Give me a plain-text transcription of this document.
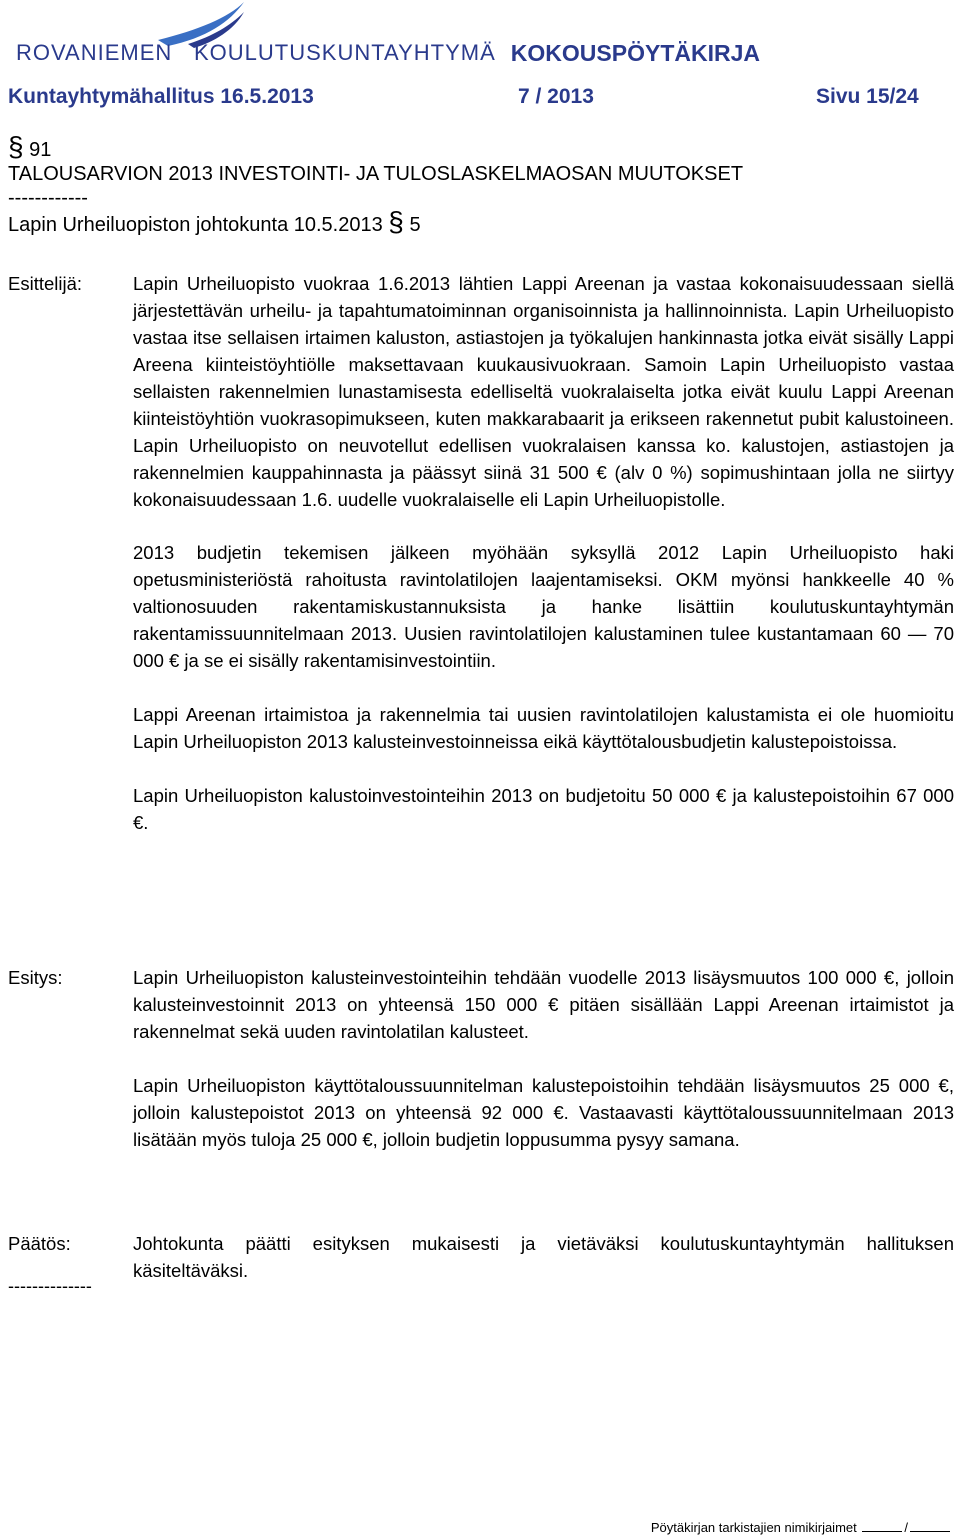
ROVANIEMEN KOULUTUSKUNTAYHTYMÄ KOKOUSPÖYTÄKIRJA
Kuntayhtymähallitus 16.5.2013	7 / 2013	Sivu 15/24
§ 91
TALOUSARVION 2013 INVESTOINTI- JA TULOSLASKELMAOSAN MUUTOKSET
------------
Lapin Urheiluopiston johtokunta 10.5.2013 § 5
Esittelijä:	Lapin Urheiluopisto vuokraa 1.6.2013 lähtien Lappi Areenan ja vastaa kokonaisuudessaan siellä järjestettävän urheilu- ja tapahtumatoiminnan organisoinnista ja hallinnoinnista. Lapin Urheiluopisto vastaa itse sellaisen irtaimen kaluston, astiastojen ja työkalujen hankinnasta jotka eivät sisälly Lappi Areena kiinteistöyhtiölle maksettavaan kuukausivuokraan. Samoin Lapin Urheiluopisto vastaa sellaisten rakennelmien lunastamisesta edelliseltä vuokralaiselta jotka eivät kuulu Lappi Areenan kiinteistöyhtiön vuokrasopimukseen, kuten makkarabaarit ja erikseen rakennetut pubit kalustoineen. Lapin Urheiluopisto on neuvotellut edellisen vuokralaisen kanssa ko. kalustojen, astiastojen ja rakennelmien kauppahinnasta ja päässyt siinä 31 500 € (alv 0 %) sopimushintaan jolla ne siirtyy kokonaisuudessaan 1.6. uudelle vuokralaiselle eli Lapin Urheiluopistolle.

2013 budjetin tekemisen jälkeen myöhään syksyllä 2012 Lapin Urheiluopisto haki opetusministeriöstä rahoitusta ravintolatilojen laajentamiseksi. OKM myönsi hankkeelle 40 % valtionosuuden rakentamiskustannuksista ja hanke lisättiin koulutuskuntayhtymän rakentamissuunnitelmaan 2013. Uusien ravintolatilojen kalustaminen tulee kustantamaan 60 — 70 000 € ja se ei sisälly rakentamisinvestointiin.

Lappi Areenan irtaimistoa ja rakennelmia tai uusien ravintolatilojen kalustamista ei ole huomioitu Lapin Urheiluopiston 2013 kalusteinvestoinneissa eikä käyttötalousbudjetin kalustepoistoissa.

Lapin Urheiluopiston kalustoinvestointeihin 2013 on budjetoitu 50 000 € ja kalustepoistoihin 67 000 €.

Esitys:	Lapin Urheiluopiston kalusteinvestointeihin tehdään vuodelle 2013 lisäysmuutos 100 000 €, jolloin kalusteinvestoinnit 2013 on yhteensä 150 000 € pitäen sisällään Lappi Areenan irtaimistot ja rakennelmat sekä uuden ravintolatilan kalusteet.

Lapin Urheiluopiston käyttötaloussuunnitelman kalustepoistoihin tehdään lisäysmuutos 25 000 €, jolloin kalustepoistot 2013 on yhteensä 92 000 €. Vastaavasti käyttötaloussuunnitelmaan 2013 lisätään myös tuloja 25 000 €, jolloin budjetin loppusumma pysyy samana.

Päätös:	Johtokunta päätti esityksen mukaisesti ja vietäväksi koulutuskuntayhtymän hallituksen käsiteltäväksi.

--------------
Pöytäkirjan tarkistajien nimikirjaimet	/
